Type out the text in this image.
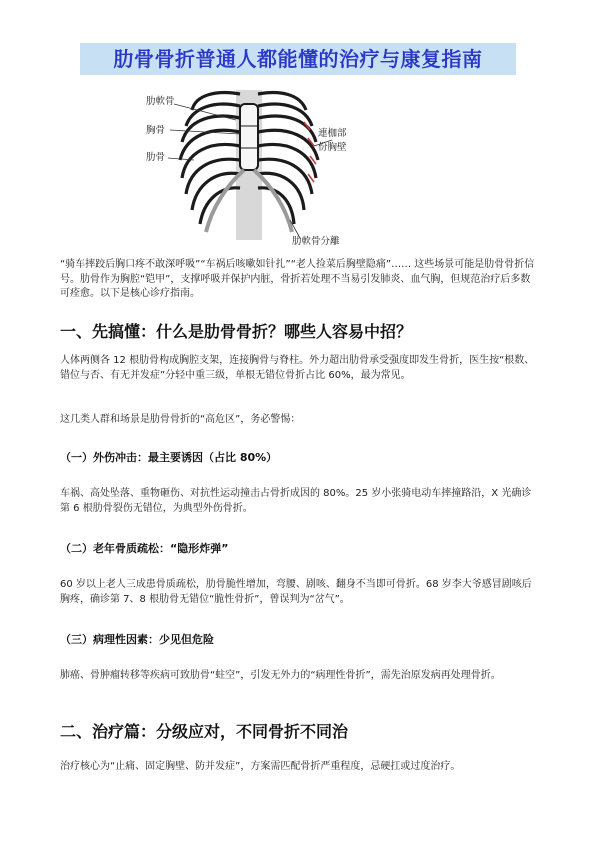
肋骨骨折普通人都能懂的治疗与康复指南
肋軟骨
胸骨
肋骨
連枷部
份胸壁
肋軟骨分離

“骑车摔跤后胸口疼不敢深呼吸”“车祸后咳嗽如针扎”“老人捡菜后胸壁隐痛”…… 这些场景可能是肋骨骨折信号。肋骨作为胸腔“铠甲”，支撑呼吸并保护内脏，骨折若处理不当易引发肺炎、血气胸，但规范治疗后多数可痊愈。以下是核心诊疗指南。

一、先搞懂：什么是肋骨骨折？哪些人容易中招？

人体两侧各 12 根肋骨构成胸腔支架，连接胸骨与脊柱。外力超出肋骨承受强度即发生骨折，医生按“根数、错位与否、有无并发症”分轻中重三级，单根无错位骨折占比 60%，最为常见。

这几类人群和场景是肋骨骨折的“高危区”，务必警惕：

（一）外伤冲击：最主要诱因（占比 80%）

车祸、高处坠落、重物砸伤、对抗性运动撞击占骨折成因的 80%。25 岁小张骑电动车摔撞路沿，X 光确诊第 6 根肋骨裂伤无错位，为典型外伤骨折。

（二）老年骨质疏松：“隐形炸弹”

60 岁以上老人三成患骨质疏松，肋骨脆性增加，弯腰、剧咳、翻身不当即可骨折。68 岁李大爷感冒剧咳后胸疼，确诊第 7、8 根肋骨无错位“脆性骨折”，曾误判为“岔气”。

（三）病理性因素：少见但危险

肺癌、骨肿瘤转移等疾病可致肋骨“蛀空”，引发无外力的“病理性骨折”，需先治原发病再处理骨折。

二、治疗篇：分级应对，不同骨折不同治

治疗核心为“止痛、固定胸壁、防并发症”，方案需匹配骨折严重程度，忌硬扛或过度治疗。
